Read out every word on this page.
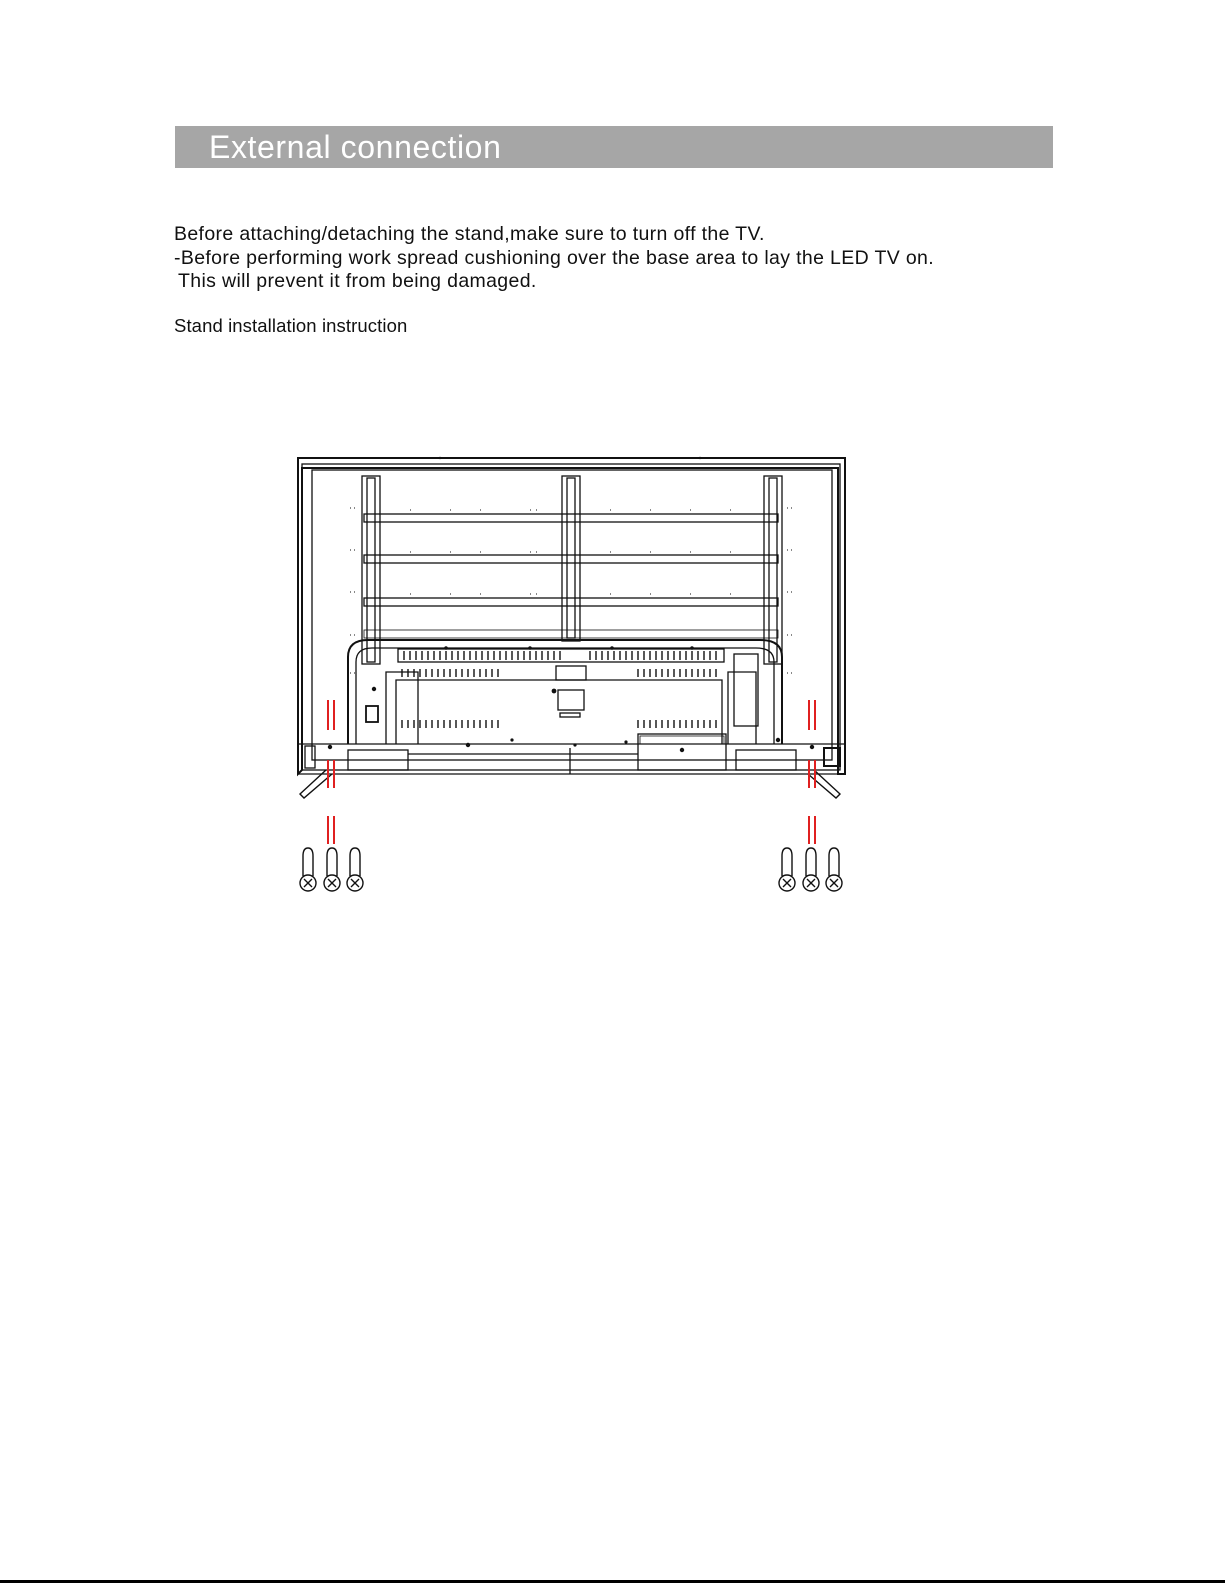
External connection
Before attaching/detaching the stand,make sure to turn off the TV.
-Before performing work spread cushioning over the base area to lay the LED TV on.
This will prevent it from being damaged.
Stand installation instruction
